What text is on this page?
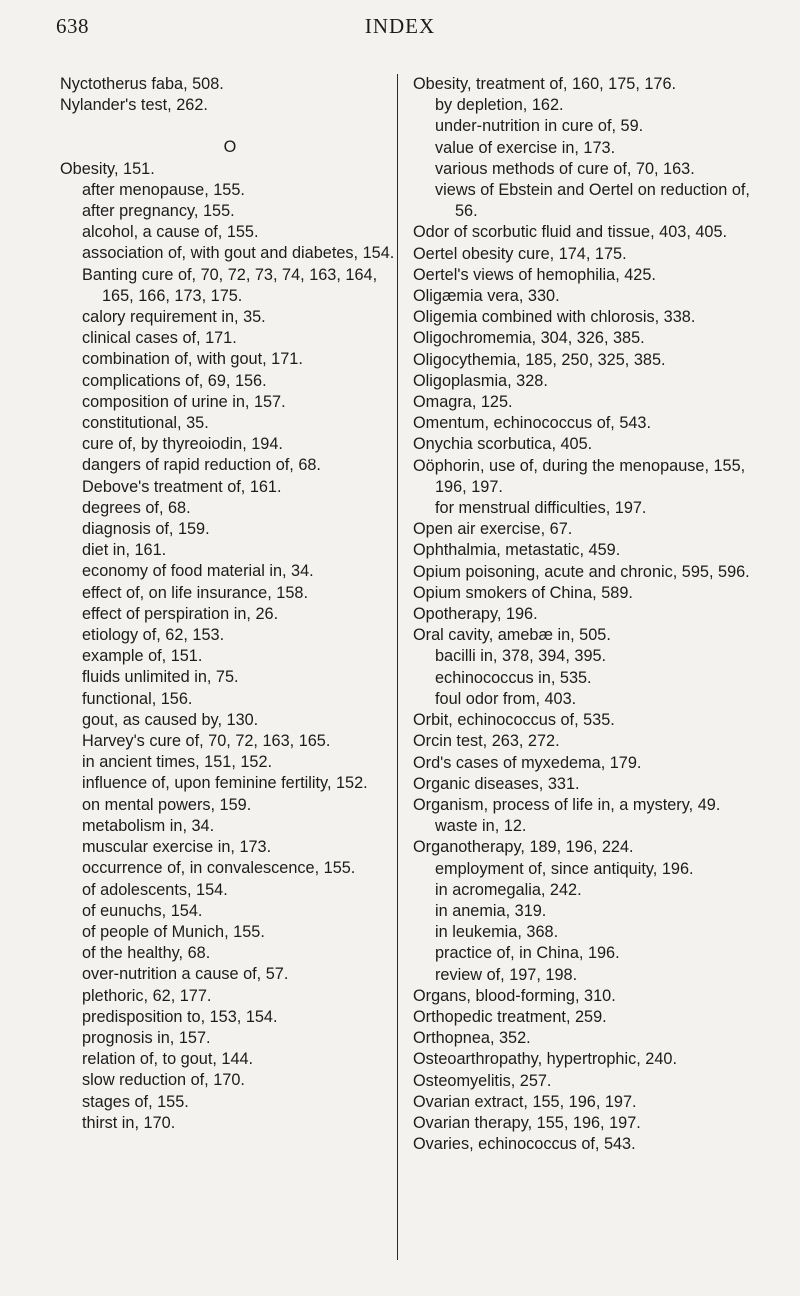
638	INDEX

Nyctotherus faba, 508.

Nylander's test, 262.

O

Obesity, 151.

after menopause, 155.

after pregnancy, 155.

alcohol, a cause of, 155.

association of, with gout and diabetes, 154.

Banting cure of, 70, 72, 73, 74, 163, 164, 165, 166, 173, 175.

calory requirement in, 35.

clinical cases of, 171.

combination of, with gout, 171.

complications of, 69, 156.

composition of urine in, 157.

constitutional, 35.

cure of, by thyreoiodin, 194.

dangers of rapid reduction of, 68.

Debove's treatment of, 161.

degrees of, 68.

diagnosis of, 159.

diet in, 161.

economy of food material in, 34.

effect of, on life insurance, 158.

effect of perspiration in, 26.

etiology of, 62, 153.

example of, 151.

fluids unlimited in, 75.

functional, 156.

gout, as caused by, 130.

Harvey's cure of, 70, 72, 163, 165.

in ancient times, 151, 152.

influence of, upon feminine fertility, 152.

on mental powers, 159.

metabolism in, 34.

muscular exercise in, 173.

occurrence of, in convalescence, 155.

of adolescents, 154.

of eunuchs, 154.

of people of Munich, 155.

of the healthy, 68.

over-nutrition a cause of, 57.

plethoric, 62, 177.

predisposition to, 153, 154.

prognosis in, 157.

relation of, to gout, 144.

slow reduction of, 170.

stages of, 155.

thirst in, 170.

Obesity, treatment of, 160, 175, 176.

by depletion, 162.

under-nutrition in cure of, 59.

value of exercise in, 173.

various methods of cure of, 70, 163.

views of Ebstein and Oertel on reduction of, 56.

Odor of scorbutic fluid and tissue, 403, 405.

Oertel obesity cure, 174, 175.

Oertel's views of hemophilia, 425.

Oligæmia vera, 330.

Oligemia combined with chlorosis, 338.

Oligochromemia, 304, 326, 385.

Oligocythemia, 185, 250, 325, 385.

Oligoplasmia, 328.

Omagra, 125.

Omentum, echinococcus of, 543.

Onychia scorbutica, 405.

Oöphorin, use of, during the menopause, 155, 196, 197.

for menstrual difficulties, 197.

Open air exercise, 67.

Ophthalmia, metastatic, 459.

Opium poisoning, acute and chronic, 595, 596.

Opium smokers of China, 589.

Opotherapy, 196.

Oral cavity, amebæ in, 505.

bacilli in, 378, 394, 395.

echinococcus in, 535.

foul odor from, 403.

Orbit, echinococcus of, 535.

Orcin test, 263, 272.

Ord's cases of myxedema, 179.

Organic diseases, 331.

Organism, process of life in, a mystery, 49.

waste in, 12.

Organotherapy, 189, 196, 224.

employment of, since antiquity, 196.

in acromegalia, 242.

in anemia, 319.

in leukemia, 368.

practice of, in China, 196.

review of, 197, 198.

Organs, blood-forming, 310.

Orthopedic treatment, 259.

Orthopnea, 352.

Osteoarthropathy, hypertrophic, 240.

Osteomyelitis, 257.

Ovarian extract, 155, 196, 197.

Ovarian therapy, 155, 196, 197.

Ovaries, echinococcus of, 543.
